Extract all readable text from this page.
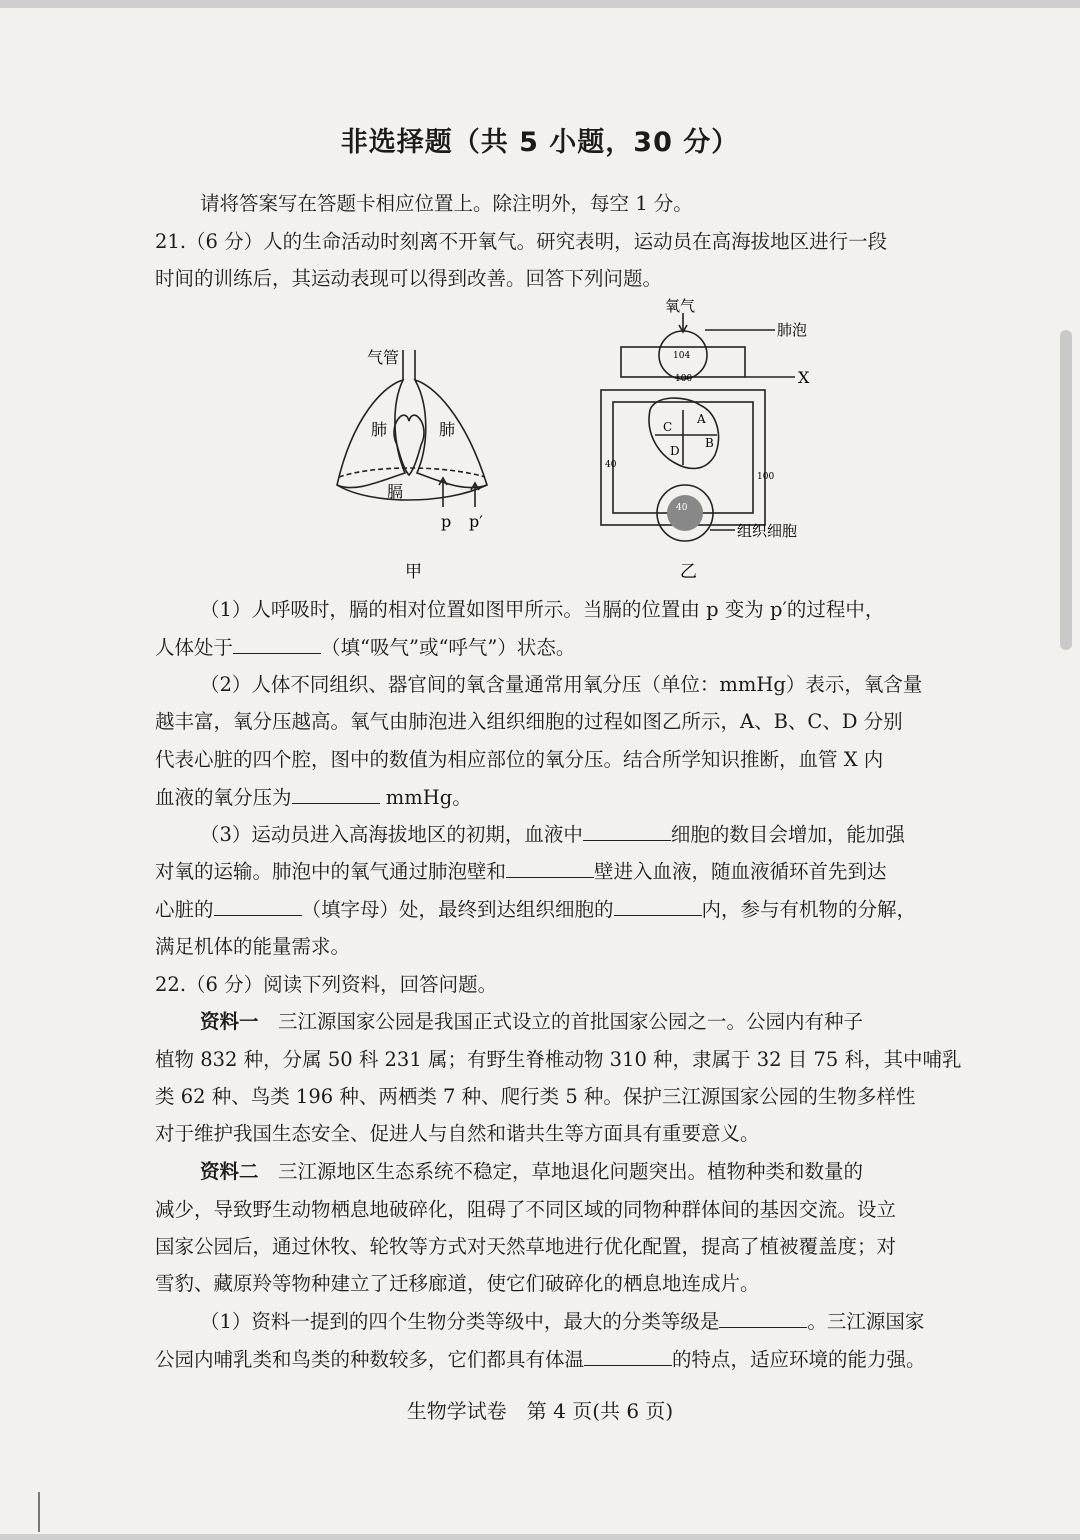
非选择题（共 5 小题，30 分）
请将答案写在答题卡相应位置上。除注明外，每空 1 分。
21.（6 分）人的生命活动时刻离不开氧气。研究表明，运动员在高海拔地区进行一段
时间的训练后，其运动表现可以得到改善。回答下列问题。
气管
肺	肺
膈
p p′
甲
氧气
肺泡
X
组织细胞
104
100
40
100
40
A
B
C
D
乙
（1）人呼吸时，膈的相对位置如图甲所示。当膈的位置由 p 变为 p′的过程中，
人体处于	（填“吸气”或“呼气”）状态。
（2）人体不同组织、器官间的氧含量通常用氧分压（单位：mmHg）表示，氧含量
越丰富，氧分压越高。氧气由肺泡进入组织细胞的过程如图乙所示，A、B、C、D 分别
代表心脏的四个腔，图中的数值为相应部位的氧分压。结合所学知识推断，血管 X 内
血液的氧分压为	mmHg。
（3）运动员进入高海拔地区的初期，血液中	细胞的数目会增加，能加强
对氧的运输。肺泡中的氧气通过肺泡壁和	壁进入血液，随血液循环首先到达
心脏的	（填字母）处，最终到达组织细胞的	内，参与有机物的分解，
满足机体的能量需求。
22.（6 分）阅读下列资料，回答问题。
资料一　 三江源国家公园是我国正式设立的首批国家公园之一。公园内有种子
植物 832 种，分属 50 科 231 属；有野生脊椎动物 310 种，隶属于 32 目 75 科，其中哺乳
类 62 种、鸟类 196 种、两栖类 7 种、爬行类 5 种。保护三江源国家公园的生物多样性
对于维护我国生态安全、促进人与自然和谐共生等方面具有重要意义。
资料二　 三江源地区生态系统不稳定，草地退化问题突出。植物种类和数量的
减少，导致野生动物栖息地破碎化，阻碍了不同区域的同物种群体间的基因交流。设立
国家公园后，通过休牧、轮牧等方式对天然草地进行优化配置，提高了植被覆盖度；对
雪豹、藏原羚等物种建立了迁移廊道，使它们破碎化的栖息地连成片。
（1）资料一提到的四个生物分类等级中，最大的分类等级是	。三江源国家
公园内哺乳类和鸟类的种数较多，它们都具有体温	的特点，适应环境的能力强。
生物学试卷　第 4 页(共 6 页)
